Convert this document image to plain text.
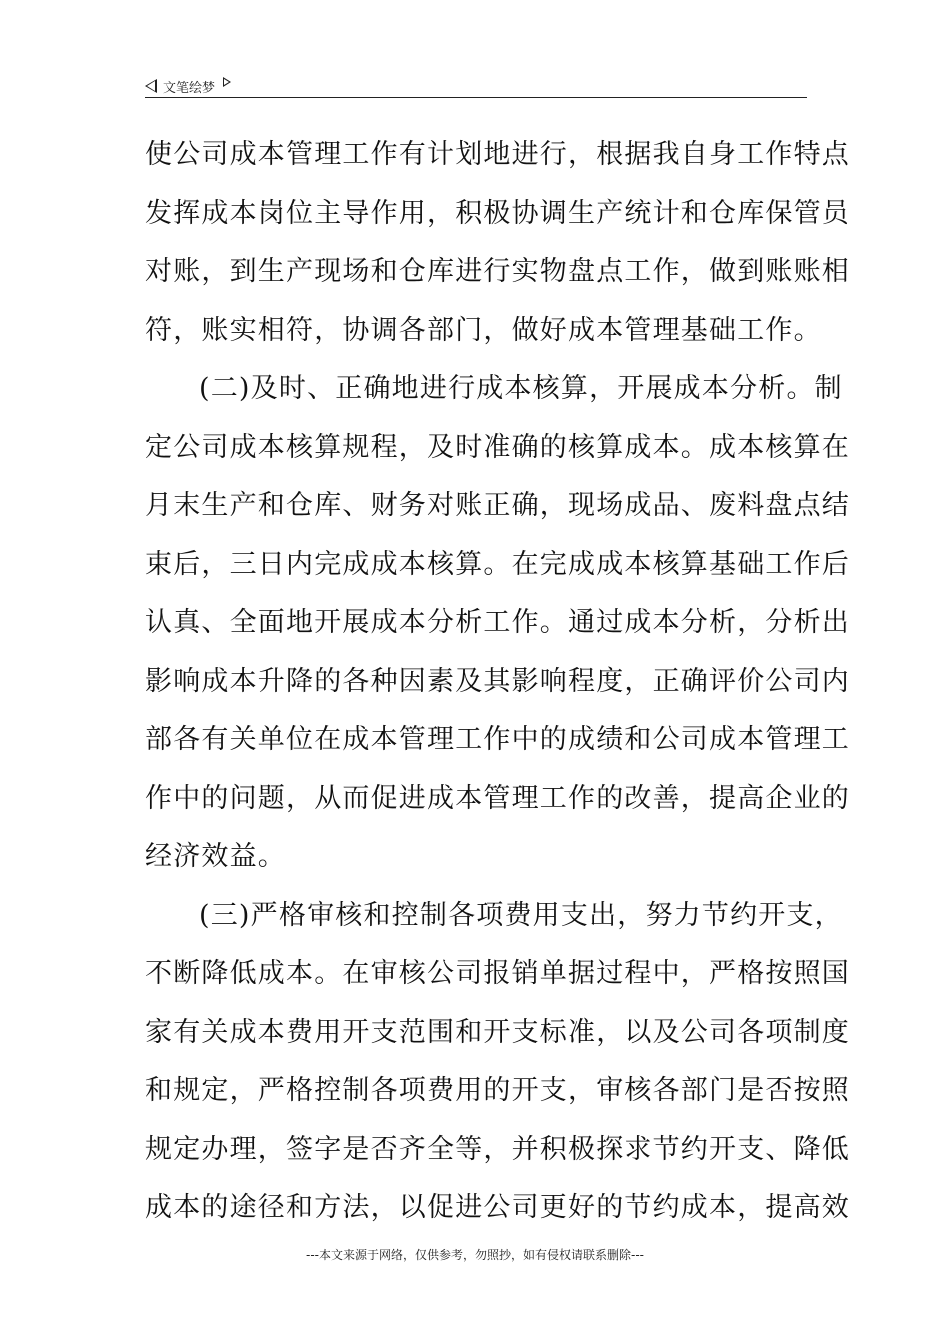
文笔绘梦
使公司成本管理工作有计划地进行，根据我自身工作特点
发挥成本岗位主导作用，积极协调生产统计和仓库保管员
对账，到生产现场和仓库进行实物盘点工作，做到账账相
符，账实相符，协调各部门，做好成本管理基础工作。
(二)及时、正确地进行成本核算，开展成本分析。制
定公司成本核算规程，及时准确的核算成本。成本核算在
月末生产和仓库、财务对账正确，现场成品、废料盘点结
束后，三日内完成成本核算。在完成成本核算基础工作后
认真、全面地开展成本分析工作。通过成本分析，分析出
影响成本升降的各种因素及其影响程度，正确评价公司内
部各有关单位在成本管理工作中的成绩和公司成本管理工
作中的问题，从而促进成本管理工作的改善，提高企业的
经济效益。
(三)严格审核和控制各项费用支出，努力节约开支，
不断降低成本。在审核公司报销单据过程中，严格按照国
家有关成本费用开支范围和开支标准，以及公司各项制度
和规定，严格控制各项费用的开支，审核各部门是否按照
规定办理，签字是否齐全等，并积极探求节约开支、降低
成本的途径和方法，以促进公司更好的节约成本，提高效
---本文来源于网络，仅供参考，勿照抄，如有侵权请联系删除---
